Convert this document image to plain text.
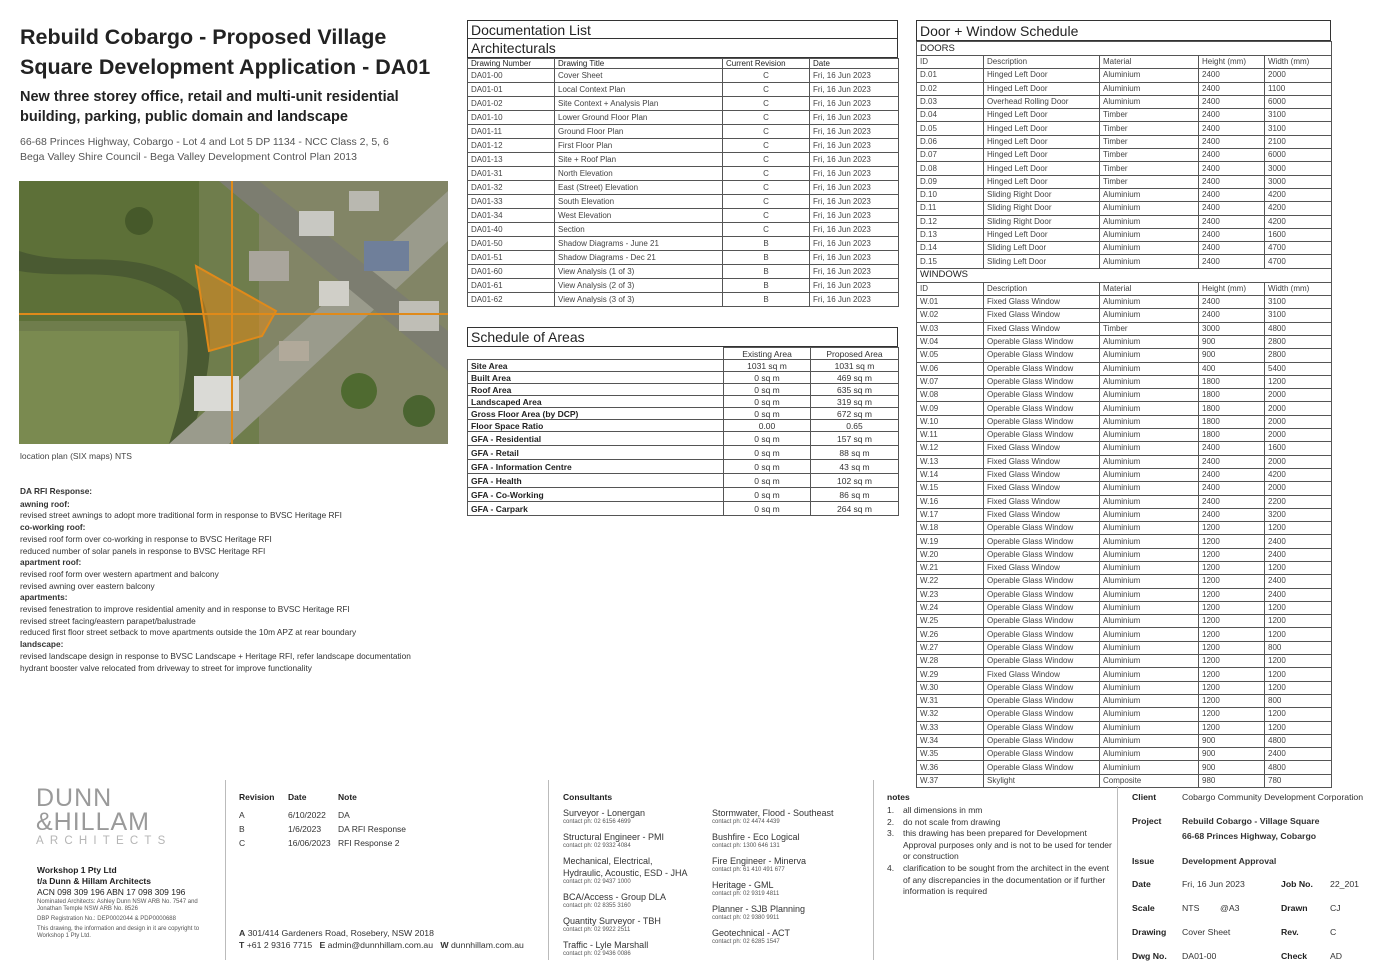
Rebuild Cobargo - Proposed Village Square Development Application - DA01
New three storey office, retail and multi-unit residential building, parking, public domain and landscape
66-68 Princes Highway, Cobargo - Lot 4 and Lot 5 DP 1134 - NCC Class 2, 5, 6
Bega Valley Shire Council - Bega Valley Development Control Plan 2013
location plan (SIX maps) NTS
DA RFI Response:
awning roof:
revised street awnings to adopt more traditional form in response to BVSC Heritage RFI
co-working roof:
revised roof form over co-working in response to BVSC Heritage RFI
reduced number of solar panels in response to BVSC Heritage RFI
apartment roof:
revised roof form over western apartment and balcony
revised awning over eastern balcony
apartments:
revised fenestration to improve residential amenity and in response to BVSC Heritage RFI
revised street facing/eastern parapet/balustrade
reduced first floor street setback to move apartments outside the 10m APZ at rear boundary
landscape:
revised landscape design in response to BVSC Landscape + Heritage RFI, refer landscape documentation
hydrant booster valve relocated from driveway to street for improve functionality
Documentation List
Architecturals
Drawing Number	Drawing Title	Current Revision	Date
DA01-00	Cover Sheet	C	Fri, 16 Jun 2023
DA01-01	Local Context Plan	C	Fri, 16 Jun 2023
DA01-02	Site Context + Analysis Plan	C	Fri, 16 Jun 2023
DA01-10	Lower Ground Floor Plan	C	Fri, 16 Jun 2023
DA01-11	Ground Floor Plan	C	Fri, 16 Jun 2023
DA01-12	First Floor Plan	C	Fri, 16 Jun 2023
DA01-13	Site + Roof Plan	C	Fri, 16 Jun 2023
DA01-31	North Elevation	C	Fri, 16 Jun 2023
DA01-32	East (Street) Elevation	C	Fri, 16 Jun 2023
DA01-33	South Elevation	C	Fri, 16 Jun 2023
DA01-34	West Elevation	C	Fri, 16 Jun 2023
DA01-40	Section	C	Fri, 16 Jun 2023
DA01-50	Shadow Diagrams - June 21	B	Fri, 16 Jun 2023
DA01-51	Shadow Diagrams - Dec 21	B	Fri, 16 Jun 2023
DA01-60	View Analysis (1 of 3)	B	Fri, 16 Jun 2023
DA01-61	View Analysis (2 of 3)	B	Fri, 16 Jun 2023
DA01-62	View Analysis (3 of 3)	B	Fri, 16 Jun 2023
Schedule of Areas
	Existing Area	Proposed Area
Site Area	1031 sq m	1031 sq m
Built Area	0 sq m	469 sq m
Roof Area	0 sq m	635 sq m
Landscaped Area	0 sq m	319 sq m
Gross Floor Area (by DCP)	0 sq m	672 sq m
Floor Space Ratio	0.00	0.65
GFA - Residential	0 sq m	157 sq m
GFA - Retail	0 sq m	88 sq m
GFA - Information Centre	0 sq m	43 sq m
GFA - Health	0 sq m	102 sq m
GFA - Co-Working	0 sq m	86 sq m
GFA - Carpark	0 sq m	264 sq m
Door + Window Schedule
DOORS				
ID	Description	Material	Height (mm)	Width (mm)
D.01	Hinged Left Door	Aluminium	2400	2000
D.02	Hinged Left Door	Aluminium	2400	1100
D.03	Overhead Rolling Door	Aluminium	2400	6000
D.04	Hinged Left Door	Timber	2400	3100
D.05	Hinged Left Door	Timber	2400	3100
D.06	Hinged Left Door	Timber	2400	2100
D.07	Hinged Left Door	Timber	2400	6000
D.08	Hinged Left Door	Timber	2400	3000
D.09	Hinged Left Door	Timber	2400	3000
D.10	Sliding Right Door	Aluminium	2400	4200
D.11	Sliding Right Door	Aluminium	2400	4200
D.12	Sliding Right Door	Aluminium	2400	4200
D.13	Hinged Left Door	Aluminium	2400	1600
D.14	Sliding Left Door	Aluminium	2400	4700
D.15	Sliding Left Door	Aluminium	2400	4700
WINDOWS				
ID	Description	Material	Height (mm)	Width (mm)
W.01	Fixed Glass Window	Aluminium	2400	3100
W.02	Fixed Glass Window	Aluminium	2400	3100
W.03	Fixed Glass Window	Timber	3000	4800
W.04	Operable Glass Window	Aluminium	900	2800
W.05	Operable Glass Window	Aluminium	900	2800
W.06	Operable Glass Window	Aluminium	400	5400
W.07	Operable Glass Window	Aluminium	1800	1200
W.08	Operable Glass Window	Aluminium	1800	2000
W.09	Operable Glass Window	Aluminium	1800	2000
W.10	Operable Glass Window	Aluminium	1800	2000
W.11	Operable Glass Window	Aluminium	1800	2000
W.12	Fixed Glass Window	Aluminium	2400	1600
W.13	Fixed Glass Window	Aluminium	2400	2000
W.14	Fixed Glass Window	Aluminium	2400	4200
W.15	Fixed Glass Window	Aluminium	2400	2000
W.16	Fixed Glass Window	Aluminium	2400	2200
W.17	Fixed Glass Window	Aluminium	2400	3200
W.18	Operable Glass Window	Aluminium	1200	1200
W.19	Operable Glass Window	Aluminium	1200	2400
W.20	Operable Glass Window	Aluminium	1200	2400
W.21	Fixed Glass Window	Aluminium	1200	1200
W.22	Operable Glass Window	Aluminium	1200	2400
W.23	Operable Glass Window	Aluminium	1200	2400
W.24	Operable Glass Window	Aluminium	1200	1200
W.25	Operable Glass Window	Aluminium	1200	1200
W.26	Operable Glass Window	Aluminium	1200	1200
W.27	Operable Glass Window	Aluminium	1200	800
W.28	Operable Glass Window	Aluminium	1200	1200
W.29	Fixed Glass Window	Aluminium	1200	1200
W.30	Operable Glass Window	Aluminium	1200	1200
W.31	Operable Glass Window	Aluminium	1200	800
W.32	Operable Glass Window	Aluminium	1200	1200
W.33	Operable Glass Window	Aluminium	1200	1200
W.34	Operable Glass Window	Aluminium	900	4800
W.35	Operable Glass Window	Aluminium	900	2400
W.36	Operable Glass Window	Aluminium	900	4800
W.37	Skylight	Composite	980	780
DUNN
&HILLAM
ARCHITECTS
Workshop 1 Pty Ltd
t/a Dunn & Hillam Architects
ACN 098 309 196 ABN 17 098 309 196
Nominated Architects: Ashley Dunn NSW ARB No. 7547 and Jonathan Temple NSW ARB No. 8526
DBP Registration No.: DEP0002044 & PDP0000688
This drawing, the information and design in it are copyright to Workshop 1 Pty Ltd.
Revision Date	Note
A	6/10/2022 DA
B	1/6/2023 DA RFI Response
C	16/06/2023 RFI Response 2
A 301/414 Gardeners Road, Rosebery, NSW 2018
T +61 2 9316 7715 E admin@dunnhillam.com.au W dunnhillam.com.au
Consultants
Surveyor - Lonergan
contact ph: 02 6156 4699
Structural Engineer - PMI
contact ph: 02 9332 4084
Mechanical, Electrical,
Hydraulic, Acoustic, ESD - JHA
contact ph: 02 9437 1000
BCA/Access - Group DLA
contact ph: 02 8355 3160
Quantity Surveyor - TBH
contact ph: 02 9922 2511
Traffic - Lyle Marshall
contact ph: 02 9436 0086
Stormwater, Flood - Southeast
contact ph: 02 4474 4439
Bushfire - Eco Logical
contact ph: 1300 646 131
Fire Engineer - Minerva
contact ph: 61 410 491 677
Heritage - GML
contact ph: 02 9319 4811
Planner - SJB Planning
contact ph: 02 9380 9911
Geotechnical - ACT
contact ph: 02 6285 1547
notes
1.	all dimensions in mm
2.	do not scale from drawing
3.	this drawing has been prepared for Development Approval purposes only and is not to be used for tender or construction
4.	clarification to be sought from the architect in the event of any discrepancies in the documentation or if further information is required
Client	Cobargo Community Development Corporation
Project Rebuild Cobargo - Village Square
66-68 Princes Highway, Cobargo
Issue	Development Approval
Date	Fri, 16 Jun 2023	Job No. 22_201
Scale	NTS @A3	Drawn	CJ
Drawing Cover Sheet	Rev.	C
Dwg No. DA01-00	Check	AD
